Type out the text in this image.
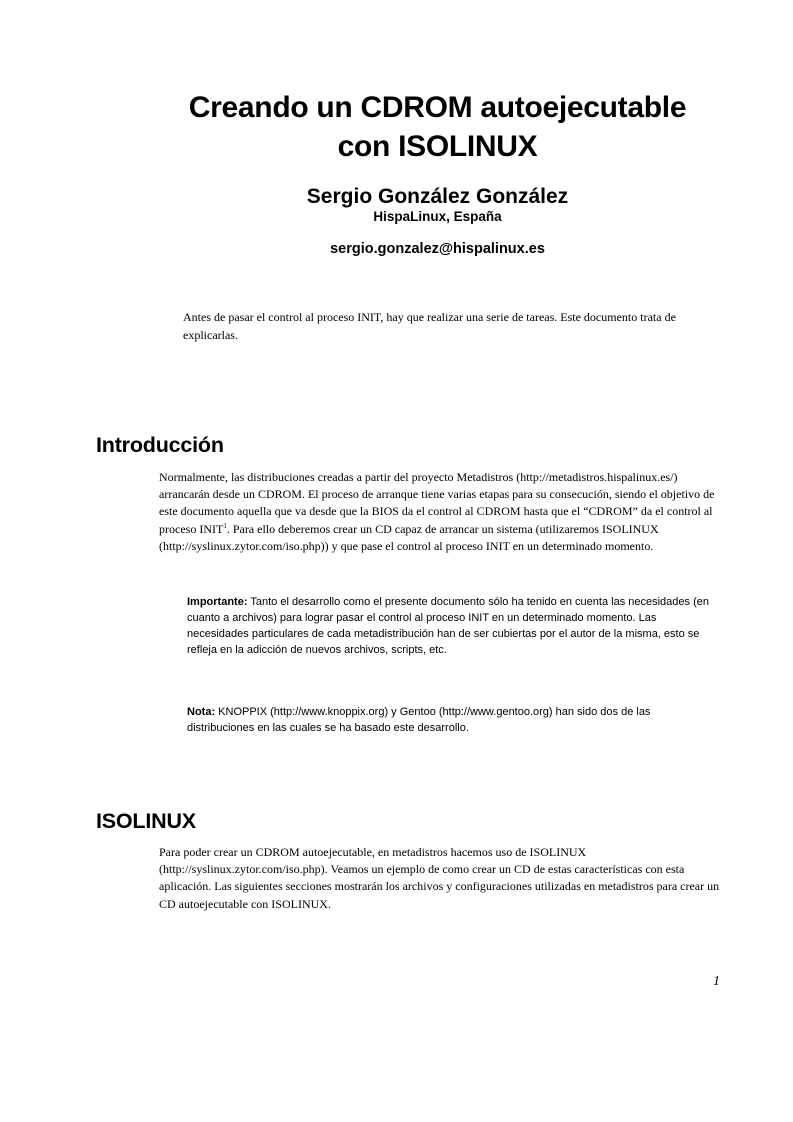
Creando un CDROM autoejecutable
con ISOLINUX
Sergio González González
HispaLinux, España
sergio.gonzalez@hispalinux.es
Antes de pasar el control al proceso INIT, hay que realizar una serie de tareas. Este documento trata de explicarlas.
Introducción
Normalmente, las distribuciones creadas a partir del proyecto Metadistros (http://metadistros.hispalinux.es/) arrancarán desde un CDROM. El proceso de arranque tiene varias etapas para su consecución, siendo el objetivo de este documento aquella que va desde que la BIOS da el control al CDROM hasta que el “CDROM” da el control al proceso INIT$^1$. Para ello deberemos crear un CD capaz de arrancar un sistema (utilizaremos ISOLINUX (http://syslinux.zytor.com/iso.php)) y que pase el control al proceso INIT en un determinado momento.
Importante: Tanto el desarrollo como el presente documento sólo ha tenido en cuenta las necesidades (en cuanto a archivos) para lograr pasar el control al proceso INIT en un determinado momento. Las necesidades particulares de cada metadistribución han de ser cubiertas por el autor de la misma, esto se refleja en la adicción de nuevos archivos, scripts, etc.
Nota: KNOPPIX (http://www.knoppix.org) y Gentoo (http://www.gentoo.org) han sido dos de las distribuciones en las cuales se ha basado este desarrollo.
ISOLINUX
Para poder crear un CDROM autoejecutable, en metadistros hacemos uso de ISOLINUX (http://syslinux.zytor.com/iso.php). Veamos un ejemplo de como crear un CD de estas características con esta aplicación. Las siguientes secciones mostrarán los archivos y configuraciones utilizadas en metadistros para crear un CD autoejecutable con ISOLINUX.
1
